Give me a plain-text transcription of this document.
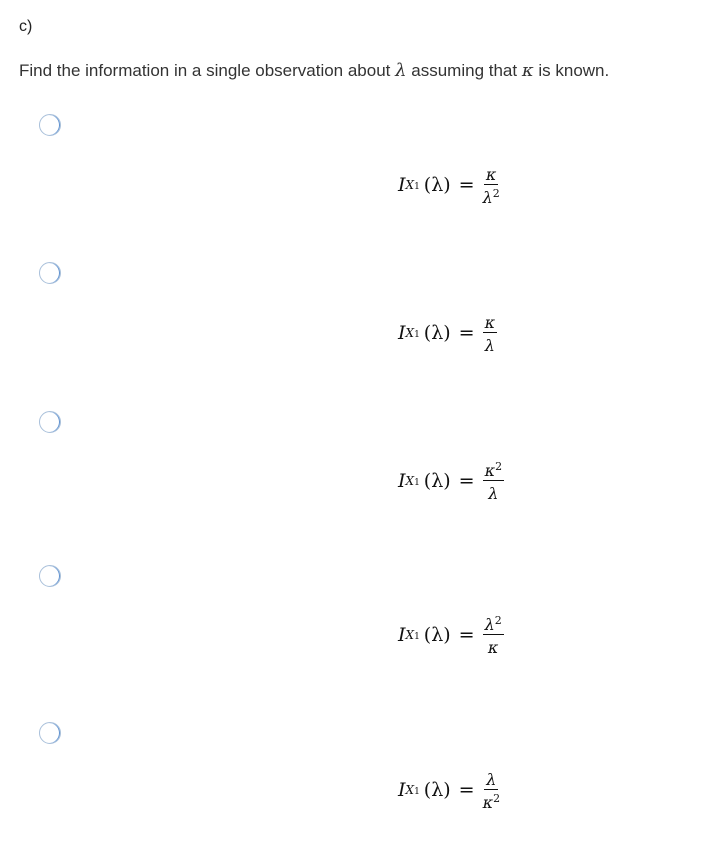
c)
Find the information in a single observation about λ assuming that κ is known.
I X1 $(\lambda) = \frac{\kappa}{\lambda^2}$
I X1 $(\lambda) = \frac{\kappa}{\lambda}$
I X1 $(\lambda) = \frac{\kappa^2}{\lambda}$
I X1 $(\lambda) = \frac{\lambda^2}{\kappa}$
I X1 $(\lambda) = \frac{\lambda}{\kappa^2}$
